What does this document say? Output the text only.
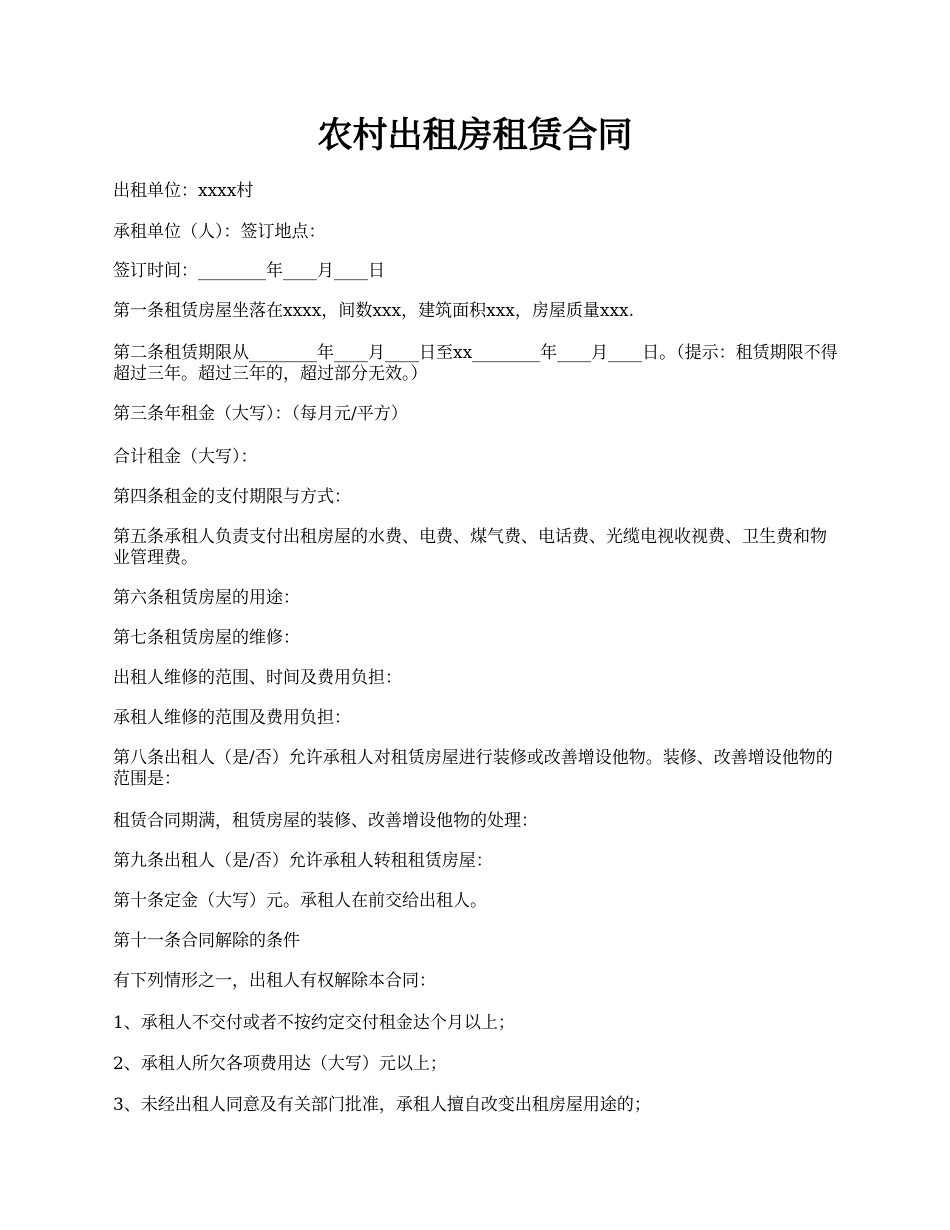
农村出租房租赁合同

出租单位：xxxx村

承租单位（人）：签订地点：

签订时间：________年____月____日

第一条租赁房屋坐落在xxxx，间数xxx，建筑面积xxx，房屋质量xxx.

第二条租赁期限从________年____月____日至xx________年____月____日。（提示：租赁期限不得超过三年。超过三年的，超过部分无效。）

第三条年租金（大写）：（每月元/平方）

合计租金（大写）：

第四条租金的支付期限与方式：

第五条承租人负责支付出租房屋的水费、电费、煤气费、电话费、光缆电视收视费、卫生费和物业管理费。

第六条租赁房屋的用途：

第七条租赁房屋的维修：

出租人维修的范围、时间及费用负担：

承租人维修的范围及费用负担：

第八条出租人（是/否）允许承租人对租赁房屋进行装修或改善增设他物。装修、改善增设他物的范围是：

租赁合同期满，租赁房屋的装修、改善增设他物的处理：

第九条出租人（是/否）允许承租人转租租赁房屋：

第十条定金（大写）元。承租人在前交给出租人。

第十一条合同解除的条件

有下列情形之一，出租人有权解除本合同：

1、承租人不交付或者不按约定交付租金达个月以上；

2、承租人所欠各项费用达（大写）元以上；

3、未经出租人同意及有关部门批准，承租人擅自改变出租房屋用途的；
